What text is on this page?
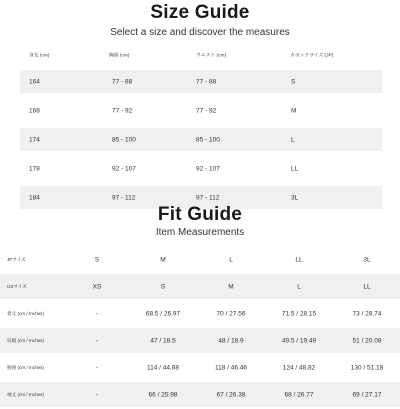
Size Guide
Select a size and discover the measures
身長 (cm)	胸囲 (cm)	ウエスト (cm)	カボックサイズ (JP)
164	77 - 88	77 - 88	S
168	77 - 92	77 - 92	M
174	85 - 100	85 - 100	L
178	92 - 107	92 - 107	LL
184	97 - 112	97 - 112	3L
Fit Guide
Item Measurements
JPサイズ	S	M	L	LL	3L
USサイズ	XS	S	M	L	LL
着丈 (cm / Inches)	-	68.5 / 26.97	70 / 27.56	71.5 / 28.15	73 / 28.74
肩幅 (cm / Inches)	-	47 / 18.5	48 / 18.9	49.5 / 19.49	51 / 20.08
胸囲 (cm / Inches)	-	114 / 44.88	118 / 46.46	124 / 48.82	130 / 51.18
袖丈 (cm / Inches)	-	66 / 25.98	67 / 26.38	68 / 26.77	69 / 27.17
